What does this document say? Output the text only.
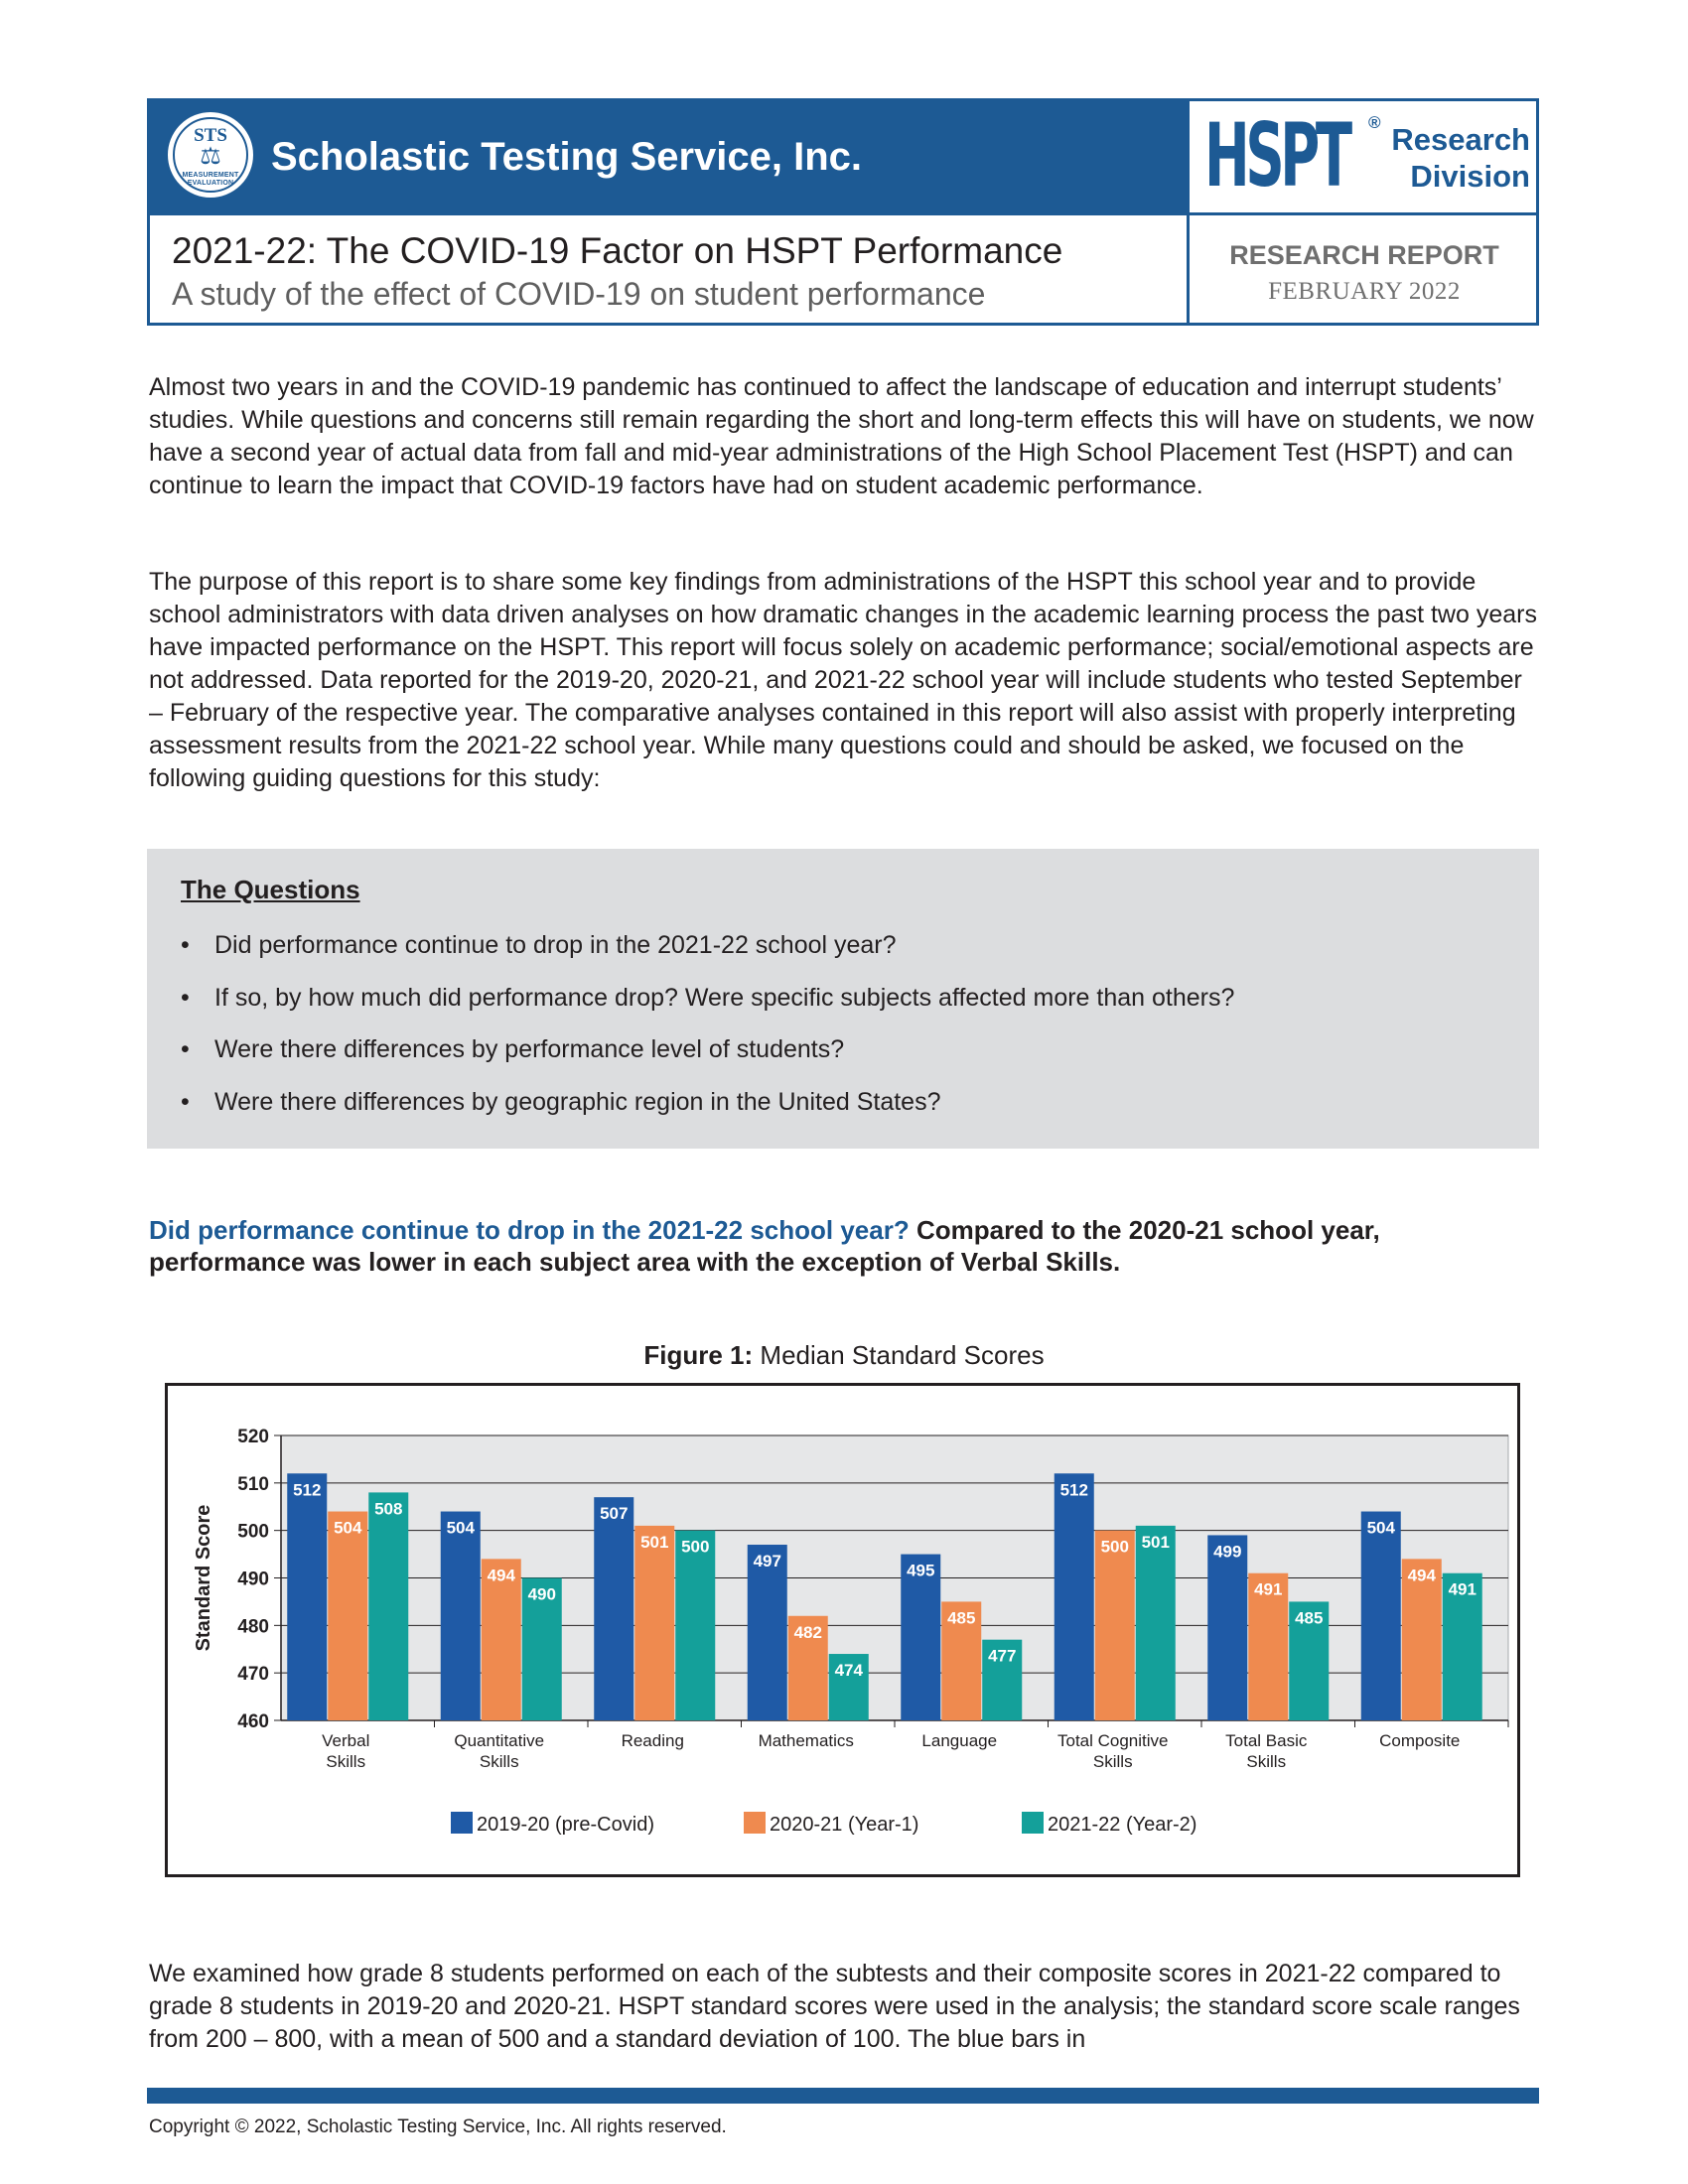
STS
⚖
MEASUREMENT EVALUATION
Scholastic Testing Service, Inc.	HSPT ® Research Division
2021-22: The COVID-19 Factor on HSPT Performance
A study of the effect of COVID-19 on student performance
RESEARCH REPORT
FEBRUARY 2022

Almost two years in and the COVID-19 pandemic has continued to affect the landscape of education and interrupt students’ studies. While questions and concerns still remain regarding the short and long-term effects this will have on students, we now have a second year of actual data from fall and mid-year administrations of the High School Placement Test (HSPT) and can continue to learn the impact that COVID-19 factors have had on student academic performance.

The purpose of this report is to share some key findings from administrations of the HSPT this school year and to provide school administrators with data driven analyses on how dramatic changes in the academic learning process the past two years have impacted performance on the HSPT. This report will focus solely on academic performance; social/emotional aspects are not addressed. Data reported for the 2019-20, 2020-21, and 2021-22 school year will include students who tested September – February of the respective year. The comparative analyses contained in this report will also assist with properly interpreting assessment results from the 2021-22 school year. While many questions could and should be asked, we focused on the following guiding questions for this study:

The Questions
• Did performance continue to drop in the 2021-22 school year?
• If so, by how much did performance drop? Were specific subjects affected more than others?
• Were there differences by performance level of students?
• Were there differences by geographic region in the United States?

Did performance continue to drop in the 2021-22 school year? Compared to the 2020-21 school year, performance was lower in each subject area with the exception of Verbal Skills.

Figure 1: Median Standard Scores
460
470
480
490
500
510
520
Standard Score
512
504
508
Verbal
Skills
504
494
490
Quantitative
Skills
507
501 500
Reading
497
482
474
Mathematics
495
485
477
Language
512
500 501
Total Cognitive
Skills
499
491
485
Total Basic
Skills
504
494
491
Composite
2019-20 (pre-Covid)	2020-21 (Year-1)	2021-22 (Year-2)

We examined how grade 8 students performed on each of the subtests and their composite scores in 2021-22 compared to grade 8 students in 2019-20 and 2020-21. HSPT standard scores were used in the analysis; the standard score scale ranges from 200 – 800, with a mean of 500 and a standard deviation of 100. The blue bars in

Copyright © 2022, Scholastic Testing Service, Inc. All rights reserved.
